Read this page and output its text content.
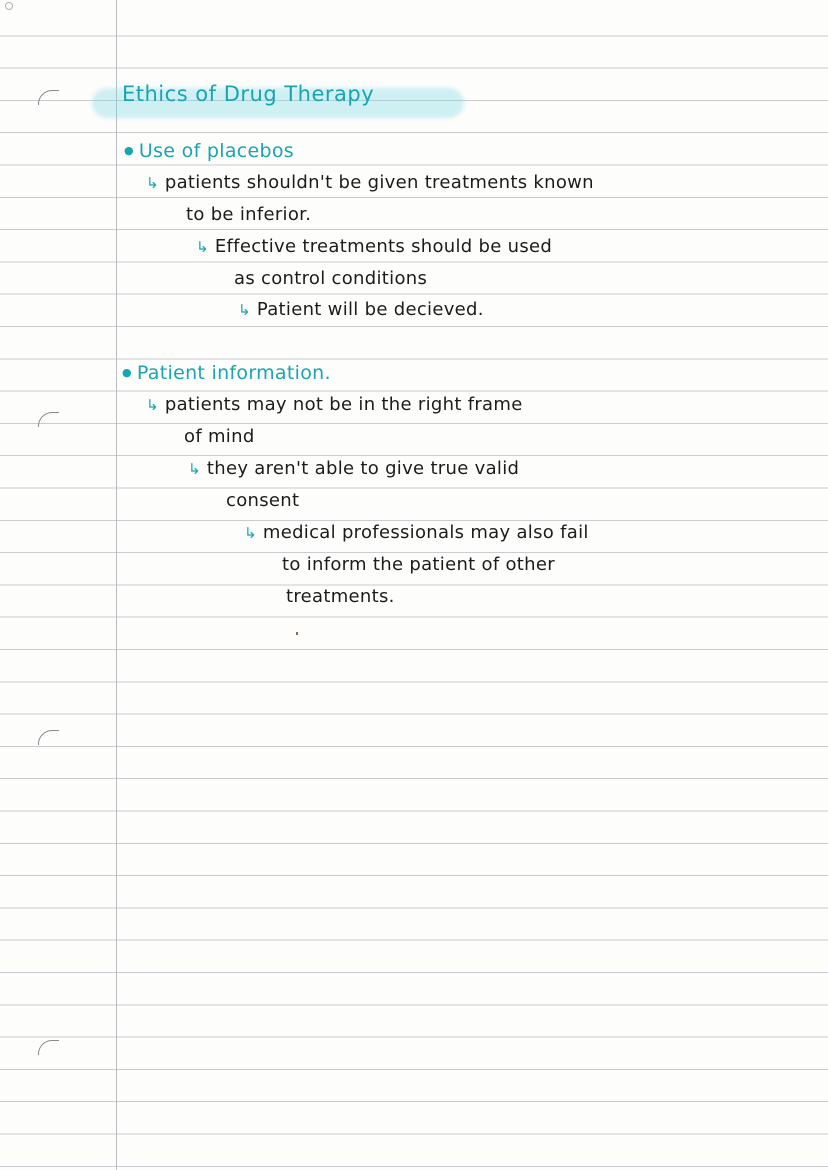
Ethics of Drug Therapy
● Use of placebos
↳ patients shouldn't be given treatments known
to be inferior.
↳ Effective treatments should be used
as control conditions
↳ Patient will be decieved.
● Patient information.
↳ patients may not be in the right frame
of mind
↳ they aren't able to give true valid
consent
↳ medical professionals may also fail
to inform the patient of other
treatments.
